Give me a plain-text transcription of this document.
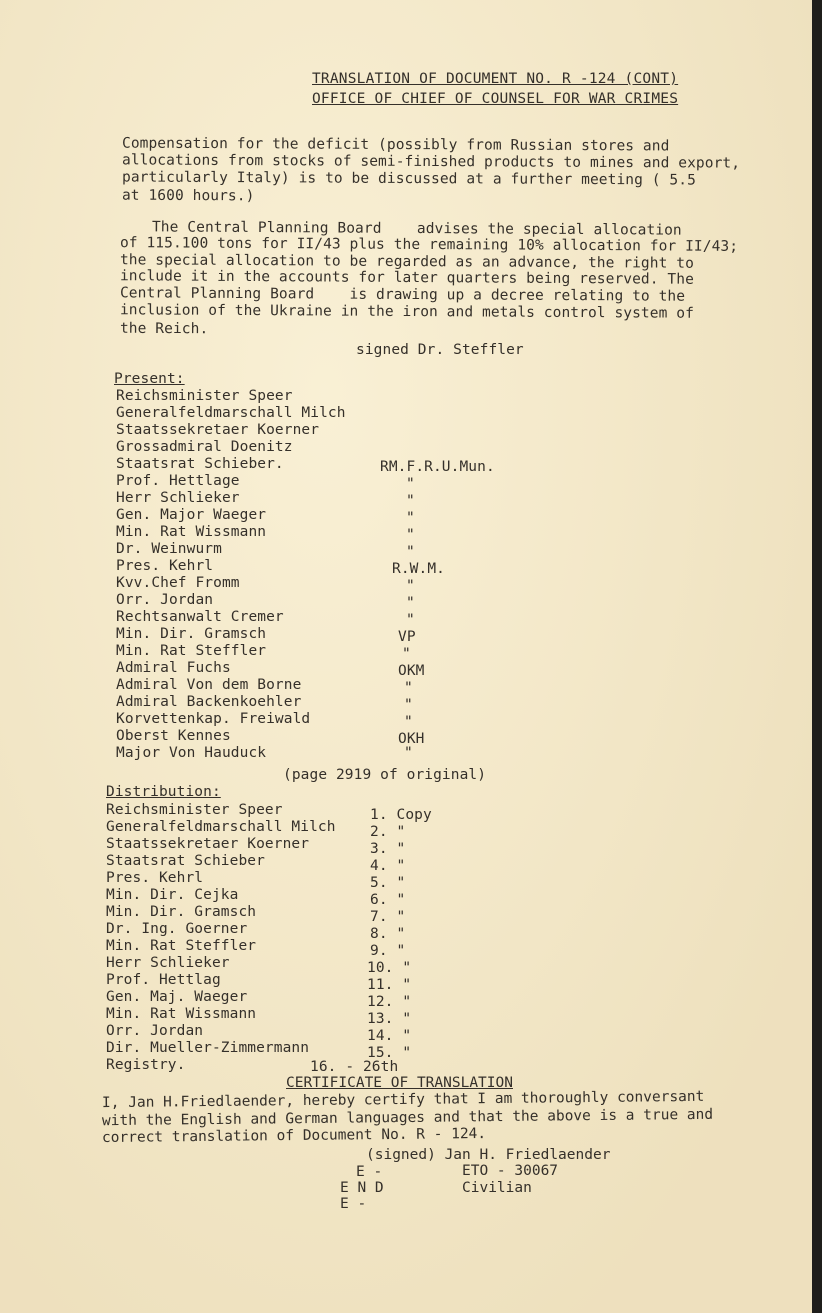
TRANSLATION OF DOCUMENT NO. R -124 (CONT)
OFFICE OF CHIEF OF COUNSEL FOR WAR CRIMES
Compensation for the deficit (possibly from Russian stores and
allocations from stocks of semi-finished products to mines and export,
particularly Italy) is to be discussed at a further meeting ( 5.5
at 1600 hours.)
The Central Planning Board    advises the special allocation
of 115.100 tons for II/43 plus the remaining 10% allocation for II/43;
the special allocation to be regarded as an advance, the right to
include it in the accounts for later quarters being reserved. The
Central Planning Board    is drawing up a decree relating to the
inclusion of the Ukraine in the iron and metals control system of
the Reich.
signed Dr. Steffler
Present:
Reichsminister Speer
Generalfeldmarschall Milch
Staatssekretaer Koerner
Grossadmiral Doenitz
Staatsrat Schieber.
Prof. Hettlage
Herr Schlieker
Gen. Major Waeger
Min. Rat Wissmann
Dr. Weinwurm
Pres. Kehrl
Kvv.Chef Fromm
Orr. Jordan
Rechtsanwalt Cremer
Min. Dir. Gramsch
Min. Rat Steffler
Admiral Fuchs
Admiral Von dem Borne
Admiral Backenkoehler
Korvettenkap. Freiwald
Oberst Kennes
Major Von Hauduck
RM.F.R.U.Mun.
"
"
"
"
"
R.W.M.
"
"
"
VP
"
OKM
"
"
"
OKH
"
(page 2919 of original)
Distribution:
Reichsminister Speer
Generalfeldmarschall Milch
Staatssekretaer Koerner
Staatsrat Schieber
Pres. Kehrl
Min. Dir. Cejka
Min. Dir. Gramsch
Dr. Ing. Goerner
Min. Rat Steffler
Herr Schlieker
Prof. Hettlag
Gen. Maj. Waeger
Min. Rat Wissmann
Orr. Jordan
Dir. Mueller-Zimmermann
Registry.
1. Copy
2. "
3. "
4. "
5. "
6. "
7. "
8. "
9. "
10. "
11. "
12. "
13. "
14. "
15. "
16. - 26th
CERTIFICATE OF TRANSLATION
I, Jan H.Friedlaender, hereby certify that I am thoroughly conversant
with the English and German languages and that the above is a true and
correct translation of Document No. R - 124.
(signed) Jan H. Friedlaender
E -	ETO - 30067
E N D	Civilian
E -
